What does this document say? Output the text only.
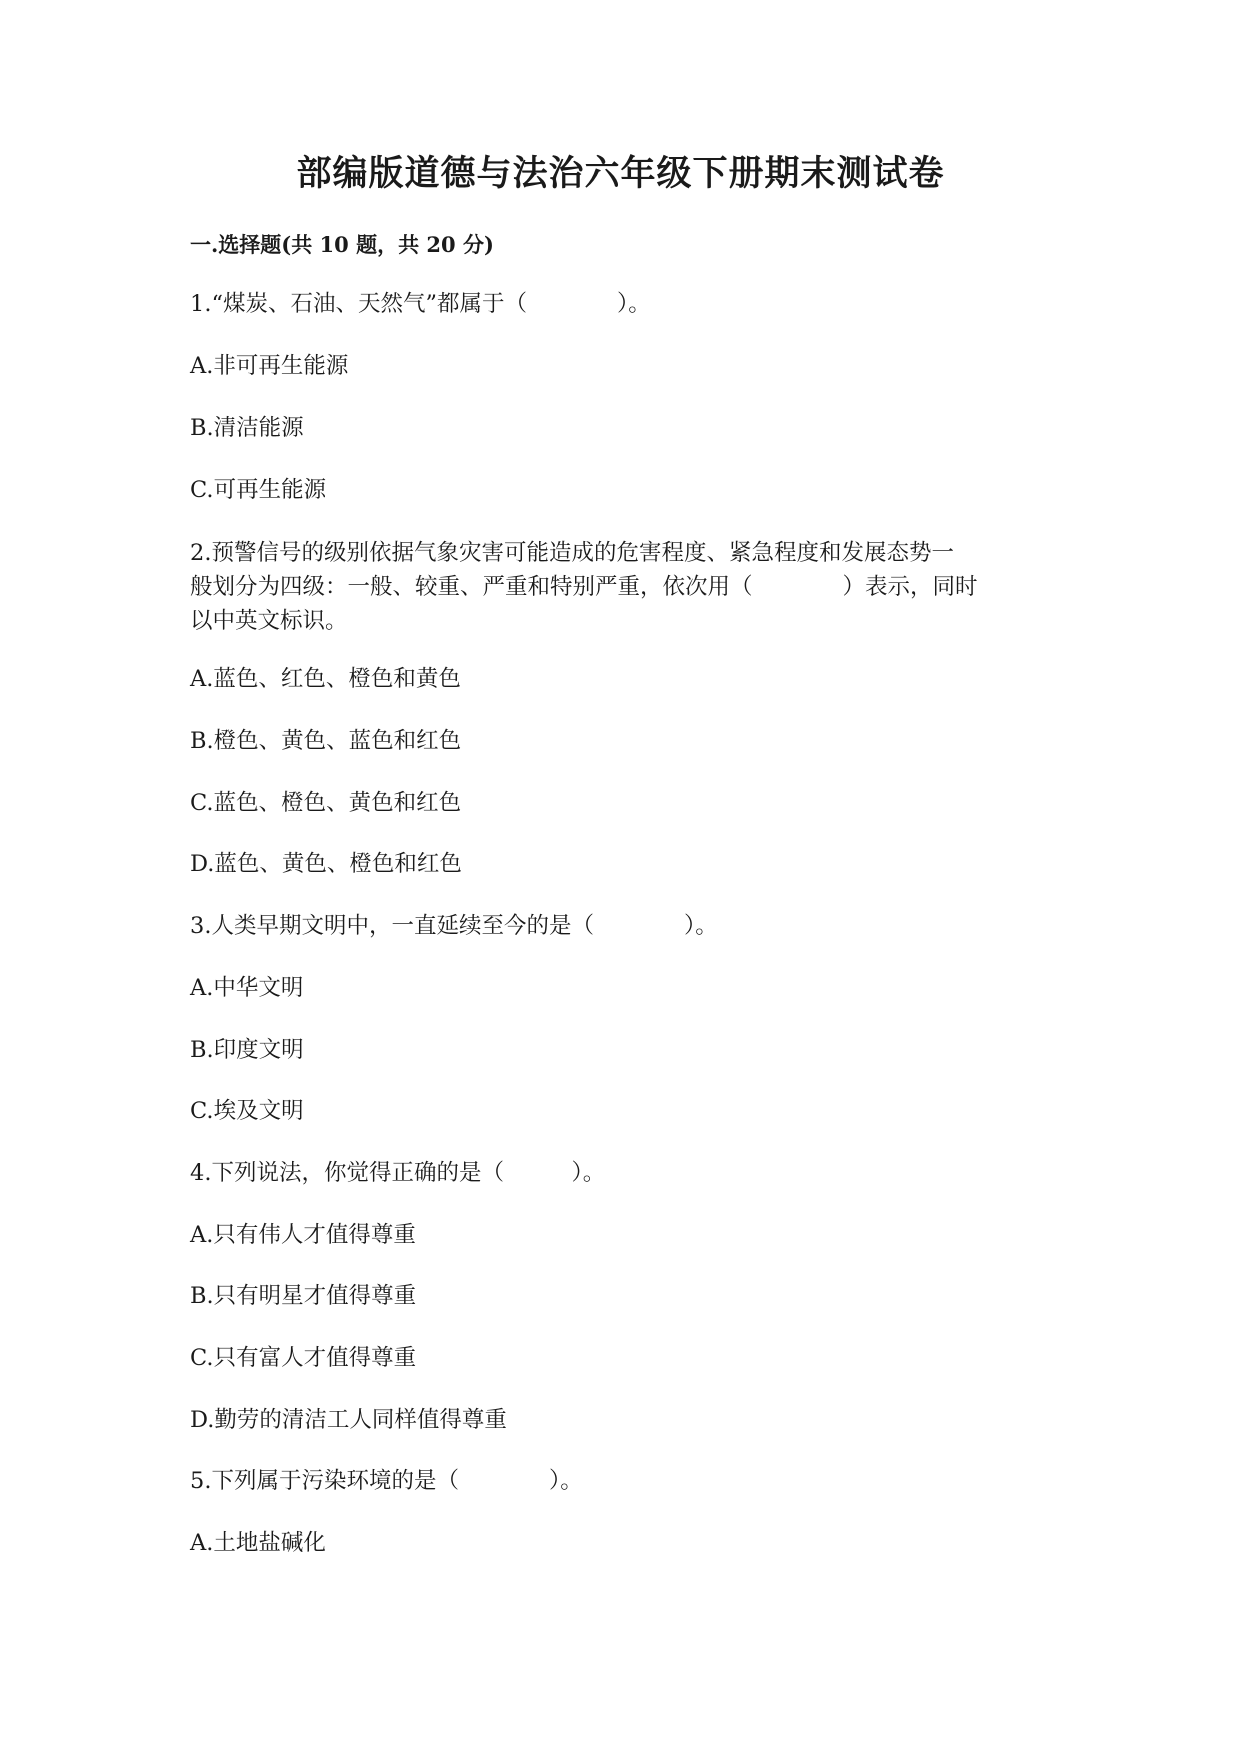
部编版道德与法治六年级下册期末测试卷
一.选择题(共 10 题，共 20 分)
1.“煤炭、石油、天然气”都属于（　　　　）。
A.非可再生能源
B.清洁能源
C.可再生能源
2.预警信号的级别依据气象灾害可能造成的危害程度、紧急程度和发展态势一
般划分为四级：一般、较重、严重和特别严重，依次用（　　　　）表示，同时
以中英文标识。
A.蓝色、红色、橙色和黄色
B.橙色、黄色、蓝色和红色
C.蓝色、橙色、黄色和红色
D.蓝色、黄色、橙色和红色
3.人类早期文明中，一直延续至今的是（　　　　）。
A.中华文明
B.印度文明
C.埃及文明
4.下列说法，你觉得正确的是（　　　）。
A.只有伟人才值得尊重
B.只有明星才值得尊重
C.只有富人才值得尊重
D.勤劳的清洁工人同样值得尊重
5.下列属于污染环境的是（　　　　）。
A.土地盐碱化
